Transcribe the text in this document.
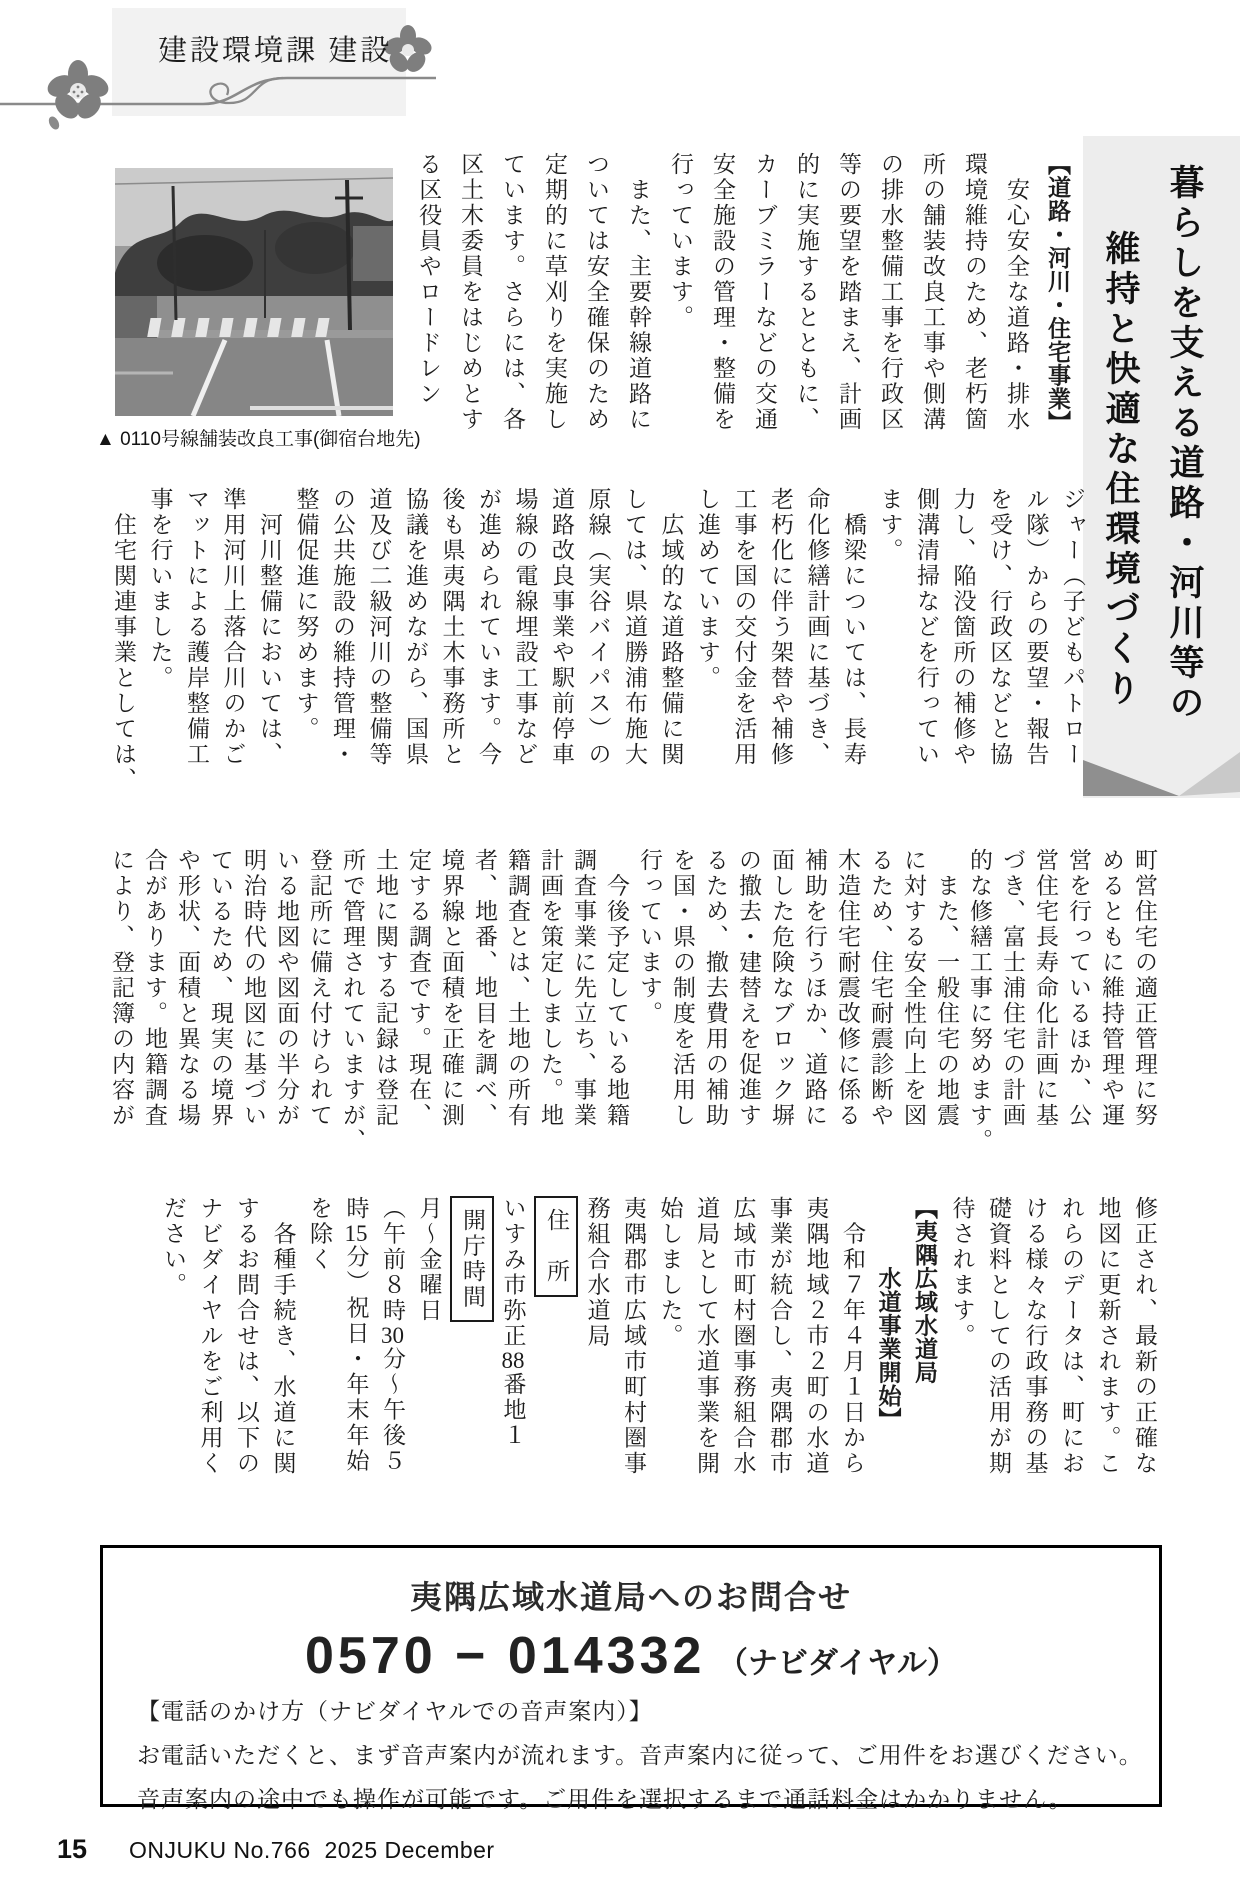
建設環境課 建設
暮らしを支える道路・河川等の
維持と快適な住環境づくり
▲ 0110号線舗装改良工事(御宿台地先)
【道路・河川・住宅事業】
　安心安全な道路・排水
環境維持のため、老朽箇
所の舗装改良工事や側溝
の排水整備工事を行政区
等の要望を踏まえ、計画
的に実施するとともに、
カーブミラーなどの交通
安全施設の管理・整備を
行っています。
　また、主要幹線道路に
ついては安全確保のため
定期的に草刈りを実施し
ています。さらには、各
区土木委員をはじめとす
る区役員やロードレン
ジャー（子どもパトロー
ル隊）からの要望・報告
を受け、行政区などと協
力し、陥没箇所の補修や
側溝清掃などを行ってい
ます。
　橋梁については、長寿
命化修繕計画に基づき、
老朽化に伴う架替や補修
工事を国の交付金を活用
し進めています。
　広域的な道路整備に関
しては、県道勝浦布施大
原線（実谷バイパス）の
道路改良事業や駅前停車
場線の電線埋設工事など
が進められています。今
後も県夷隅土木事務所と
協議を進めながら、国県
道及び二級河川の整備等
の公共施設の維持管理・
整備促進に努めます。
　河川整備においては、
準用河川上落合川のかご
マットによる護岸整備工
事を行いました。
　住宅関連事業としては、
町営住宅の適正管理に努
めるともに維持管理や運
営を行っているほか、公
営住宅長寿命化計画に基
づき、富士浦住宅の計画
的な修繕工事に努めます。
　また、一般住宅の地震
に対する安全性向上を図
るため、住宅耐震診断や
木造住宅耐震改修に係る
補助を行うほか、道路に
面した危険なブロック塀
の撤去・建替えを促進す
るため、撤去費用の補助
を国・県の制度を活用し
行っています。
　今後予定している地籍
調査事業に先立ち、事業
計画を策定しました。地
籍調査とは、土地の所有
者、地番、地目を調べ、
境界線と面積を正確に測
定する調査です。現在、
土地に関する記録は登記
所で管理されていますが、
登記所に備え付けられて
いる地図や図面の半分が
明治時代の地図に基づい
ているため、現実の境界
や形状、面積と異なる場
合があります。地籍調査
により、登記簿の内容が
修正され、最新の正確な
地図に更新されます。こ
れらのデータは、町にお
ける様々な行政事務の基
礎資料としての活用が期
待されます。
【夷隅広域水道局
　　　水道事業開始】
　令和７年４月１日から
夷隅地域２市２町の水道
事業が統合し、夷隅郡市
広域市町村圏事務組合水
道局として水道事業を開
始しました。
夷隅郡市広域市町村圏事
務組合水道局
住　所
いすみ市弥正88番地１
開庁時間
月～金曜日
（午前８時30分～午後５
時15分）祝日・年末年始
を除く
　各種手続き、水道に関
するお問合せは、以下の
ナビダイヤルをご利用く
ださい。
夷隅広域水道局へのお問合せ
0570 − 014332 （ナビダイヤル）
【電話のかけ方（ナビダイヤルでの音声案内）】
お電話いただくと、まず音声案内が流れます。音声案内に従って、ご用件をお選びください。
音声案内の途中でも操作が可能です。ご用件を選択するまで通話料金はかかりません。
15 ONJUKU No.766  2025 December
